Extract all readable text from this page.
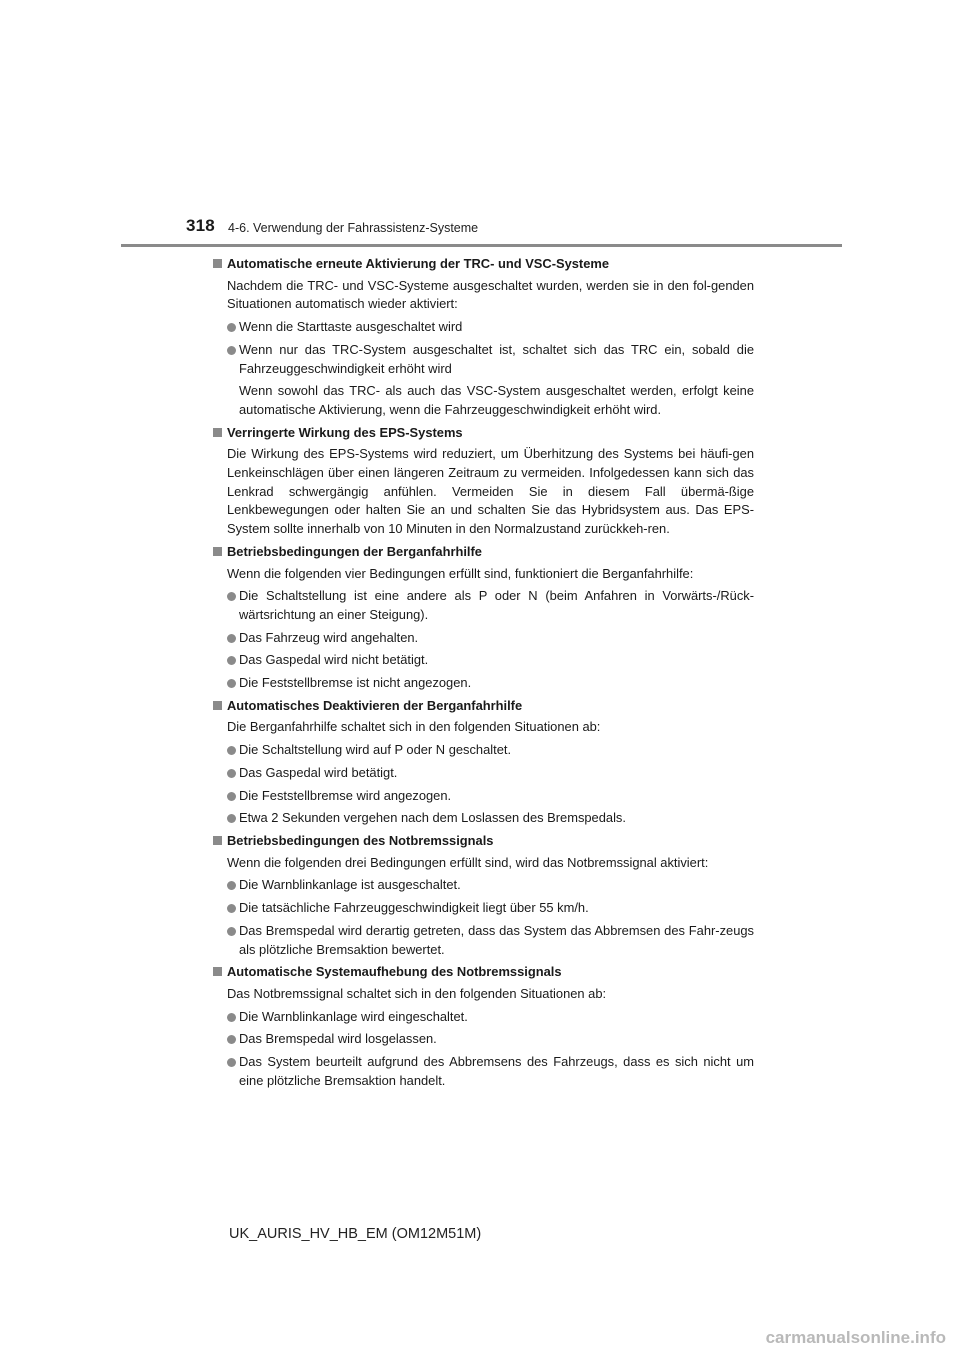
318 4-6. Verwendung der Fahrassistenz-Systeme
Automatische erneute Aktivierung der TRC- und VSC-Systeme
Nachdem die TRC- und VSC-Systeme ausgeschaltet wurden, werden sie in den fol-genden Situationen automatisch wieder aktiviert:
Wenn die Starttaste ausgeschaltet wird
Wenn nur das TRC-System ausgeschaltet ist, schaltet sich das TRC ein, sobald die Fahrzeuggeschwindigkeit erhöht wird
Wenn sowohl das TRC- als auch das VSC-System ausgeschaltet werden, erfolgt keine automatische Aktivierung, wenn die Fahrzeuggeschwindigkeit erhöht wird.
Verringerte Wirkung des EPS-Systems
Die Wirkung des EPS-Systems wird reduziert, um Überhitzung des Systems bei häufi-gen Lenkeinschlägen über einen längeren Zeitraum zu vermeiden. Infolgedessen kann sich das Lenkrad schwergängig anfühlen. Vermeiden Sie in diesem Fall übermä-ßige Lenkbewegungen oder halten Sie an und schalten Sie das Hybridsystem aus. Das EPS-System sollte innerhalb von 10 Minuten in den Normalzustand zurückkeh-ren.
Betriebsbedingungen der Berganfahrhilfe
Wenn die folgenden vier Bedingungen erfüllt sind, funktioniert die Berganfahrhilfe:
Die Schaltstellung ist eine andere als P oder N (beim Anfahren in Vorwärts-/Rück-wärtsrichtung an einer Steigung).
Das Fahrzeug wird angehalten.
Das Gaspedal wird nicht betätigt.
Die Feststellbremse ist nicht angezogen.
Automatisches Deaktivieren der Berganfahrhilfe
Die Berganfahrhilfe schaltet sich in den folgenden Situationen ab:
Die Schaltstellung wird auf P oder N geschaltet.
Das Gaspedal wird betätigt.
Die Feststellbremse wird angezogen.
Etwa 2 Sekunden vergehen nach dem Loslassen des Bremspedals.
Betriebsbedingungen des Notbremssignals
Wenn die folgenden drei Bedingungen erfüllt sind, wird das Notbremssignal aktiviert:
Die Warnblinkanlage ist ausgeschaltet.
Die tatsächliche Fahrzeuggeschwindigkeit liegt über 55 km/h.
Das Bremspedal wird derartig getreten, dass das System das Abbremsen des Fahr-zeugs als plötzliche Bremsaktion bewertet.
Automatische Systemaufhebung des Notbremssignals
Das Notbremssignal schaltet sich in den folgenden Situationen ab:
Die Warnblinkanlage wird eingeschaltet.
Das Bremspedal wird losgelassen.
Das System beurteilt aufgrund des Abbremsens des Fahrzeugs, dass es sich nicht um eine plötzliche Bremsaktion handelt.
UK_AURIS_HV_HB_EM (OM12M51M)
carmanualsonline.info
